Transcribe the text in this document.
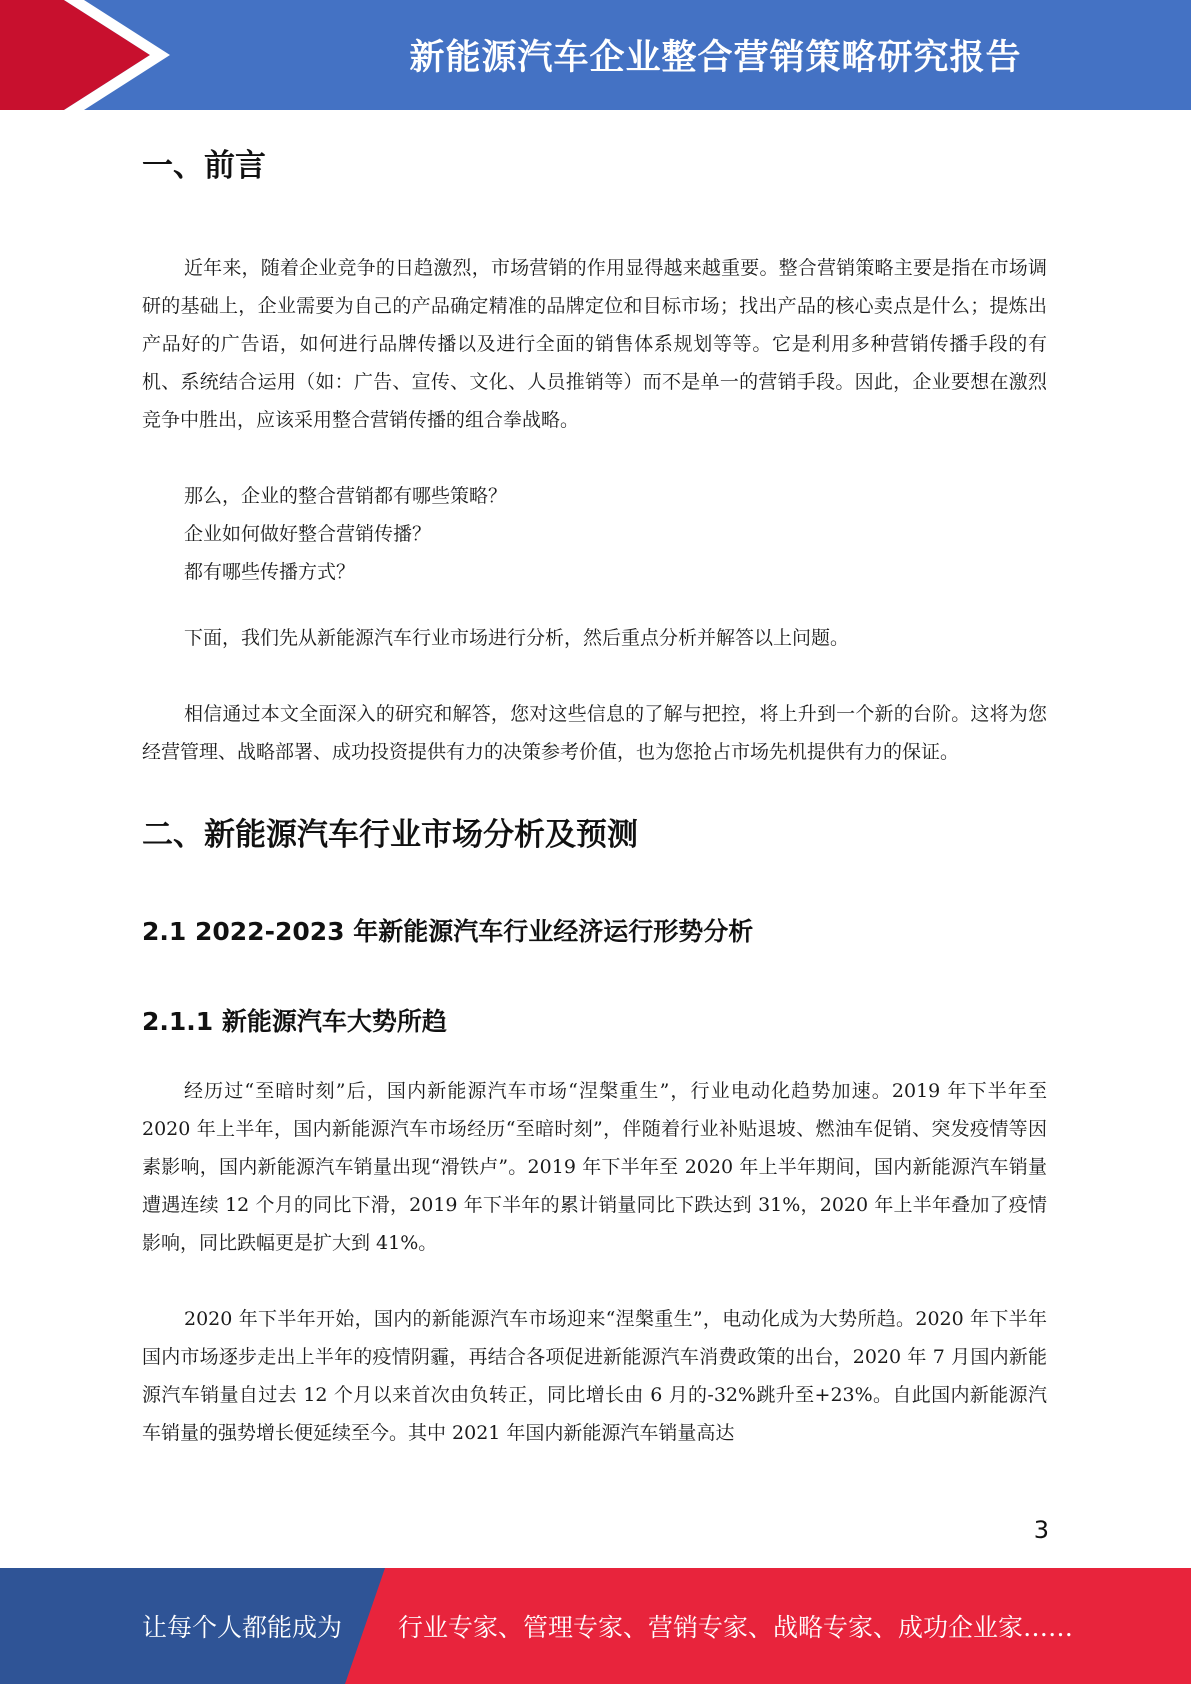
新能源汽车企业整合营销策略研究报告
一、前言

近年来，随着企业竞争的日趋激烈，市场营销的作用显得越来越重要。整合营销策略主要是指在市场调研的基础上，企业需要为自己的产品确定精准的品牌定位和目标市场；找出产品的核心卖点是什么；提炼出产品好的广告语，如何进行品牌传播以及进行全面的销售体系规划等等。它是利用多种营销传播手段的有机、系统结合运用（如：广告、宣传、文化、人员推销等）而不是单一的营销手段。因此，企业要想在激烈竞争中胜出，应该采用整合营销传播的组合拳战略。

那么，企业的整合营销都有哪些策略？

企业如何做好整合营销传播？

都有哪些传播方式？

下面，我们先从新能源汽车行业市场进行分析，然后重点分析并解答以上问题。

相信通过本文全面深入的研究和解答，您对这些信息的了解与把控，将上升到一个新的台阶。这将为您经营管理、战略部署、成功投资提供有力的决策参考价值，也为您抢占市场先机提供有力的保证。

二、新能源汽车行业市场分析及预测
2.1 2022-2023 年新能源汽车行业经济运行形势分析
2.1.1 新能源汽车大势所趋

经历过“至暗时刻”后，国内新能源汽车市场“涅槃重生”，行业电动化趋势加速。2019 年下半年至 2020 年上半年，国内新能源汽车市场经历“至暗时刻”，伴随着行业补贴退坡、燃油车促销、突发疫情等因素影响，国内新能源汽车销量出现“滑铁卢”。2019 年下半年至 2020 年上半年期间，国内新能源汽车销量遭遇连续 12 个月的同比下滑，2019 年下半年的累计销量同比下跌达到 31%，2020 年上半年叠加了疫情影响，同比跌幅更是扩大到 41%。

2020 年下半年开始，国内的新能源汽车市场迎来“涅槃重生”，电动化成为大势所趋。2020 年下半年国内市场逐步走出上半年的疫情阴霾，再结合各项促进新能源汽车消费政策的出台，2020 年 7 月国内新能源汽车销量自过去 12 个月以来首次由负转正，同比增长由 6 月的-32%跳升至+23%。自此国内新能源汽车销量的强势增长便延续至今。其中 2021 年国内新能源汽车销量高达

3
让每个人都能成为 行业专家、管理专家、营销专家、战略专家、成功企业家……
